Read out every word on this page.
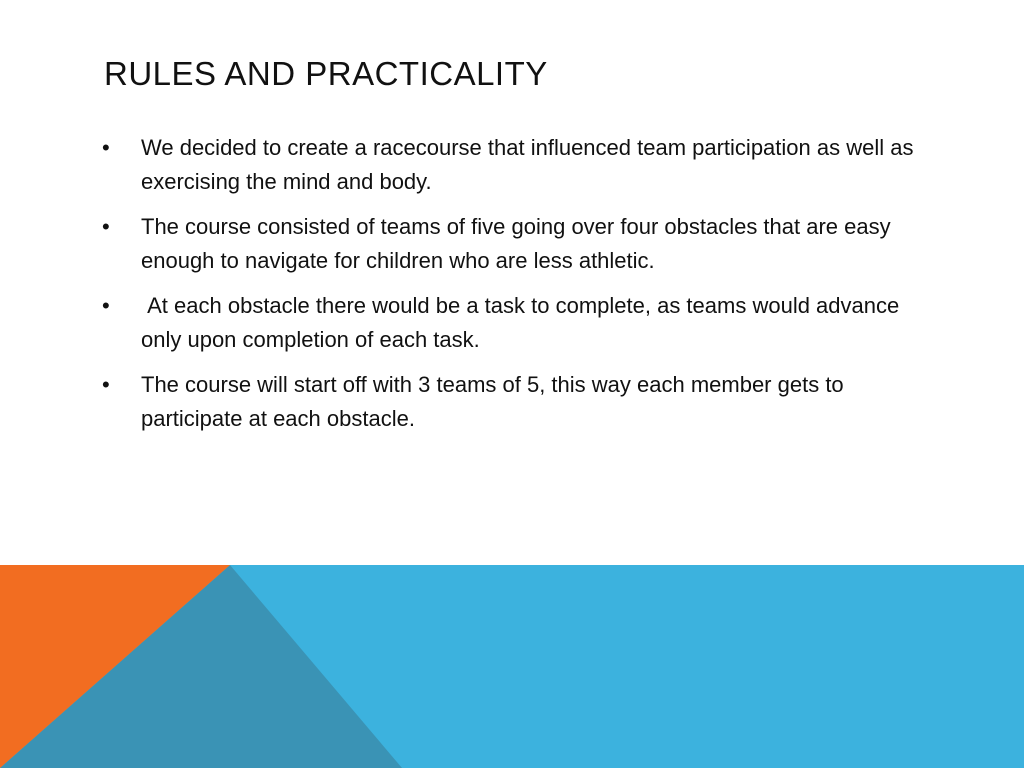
RULES AND PRACTICALITY
• We decided to create a racecourse that influenced team participation as well as exercising the mind and body.
• The course consisted of teams of five going over four obstacles that are easy enough to navigate for children who are less athletic.
• At each obstacle there would be a task to complete, as teams would advance only upon completion of each task.
• The course will start off with 3 teams of 5, this way each member gets to participate at each obstacle.
